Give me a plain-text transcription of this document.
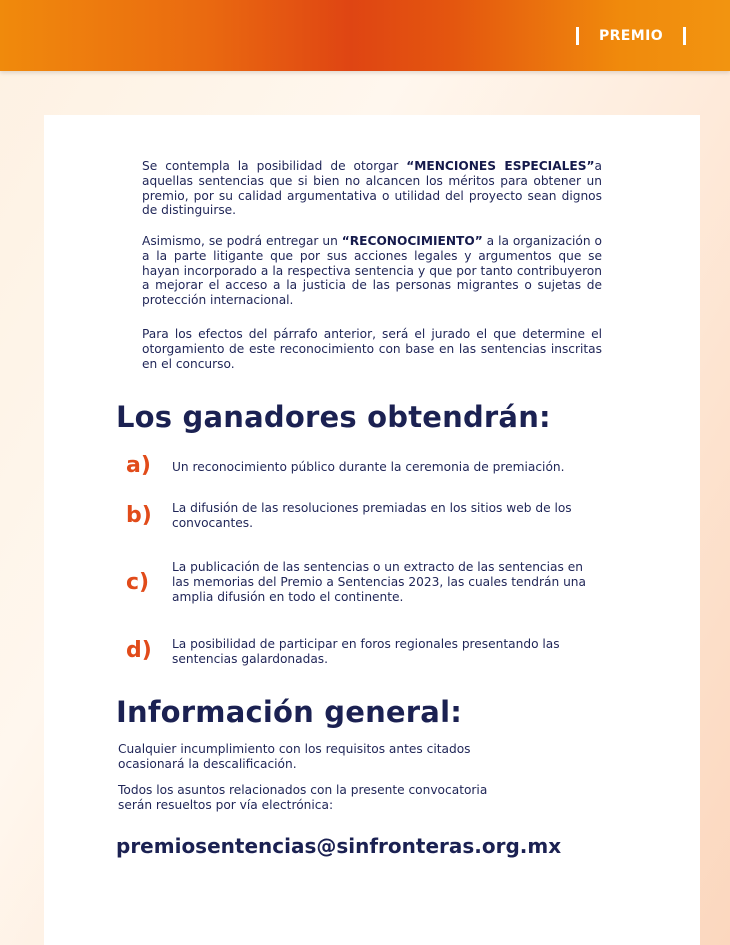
PREMIO

Se contempla la posibilidad de otorgar “MENCIONES ESPECIALES”a aquellas sentencias que si bien no alcancen los méritos para obtener un premio, por su calidad argumentativa o utilidad del proyecto sean dignos de distinguirse.

Asimismo, se podrá entregar un “RECONOCIMIENTO” a la organización o a la parte litigante que por sus acciones legales y argumentos que se hayan incorporado a la respectiva sentencia y que por tanto contribuyeron a mejorar el acceso a la justicia de las personas migrantes o sujetas de protección internacional.

Para los efectos del párrafo anterior, será el jurado el que determine el otorgamiento de este reconocimiento con base en las sentencias inscritas en el concurso.

Los ganadores obtendrán:
a) Un reconocimiento público durante la ceremonia de premiación.
b) La difusión de las resoluciones premiadas en los sitios web de los convocantes.
c)
La publicación de las sentencias o un extracto de las sentencias en las memorias del Premio a Sentencias 2023, las cuales tendrán una amplia difusión en todo el continente.
d) La posibilidad de participar en foros regionales presentando las sentencias galardonadas.
Información general:

Cualquier incumplimiento con los requisitos antes citados ocasionará la descalificación.

Todos los asuntos relacionados con la presente convocatoria serán resueltos por vía electrónica:

premiosentencias@sinfronteras.org.mx
